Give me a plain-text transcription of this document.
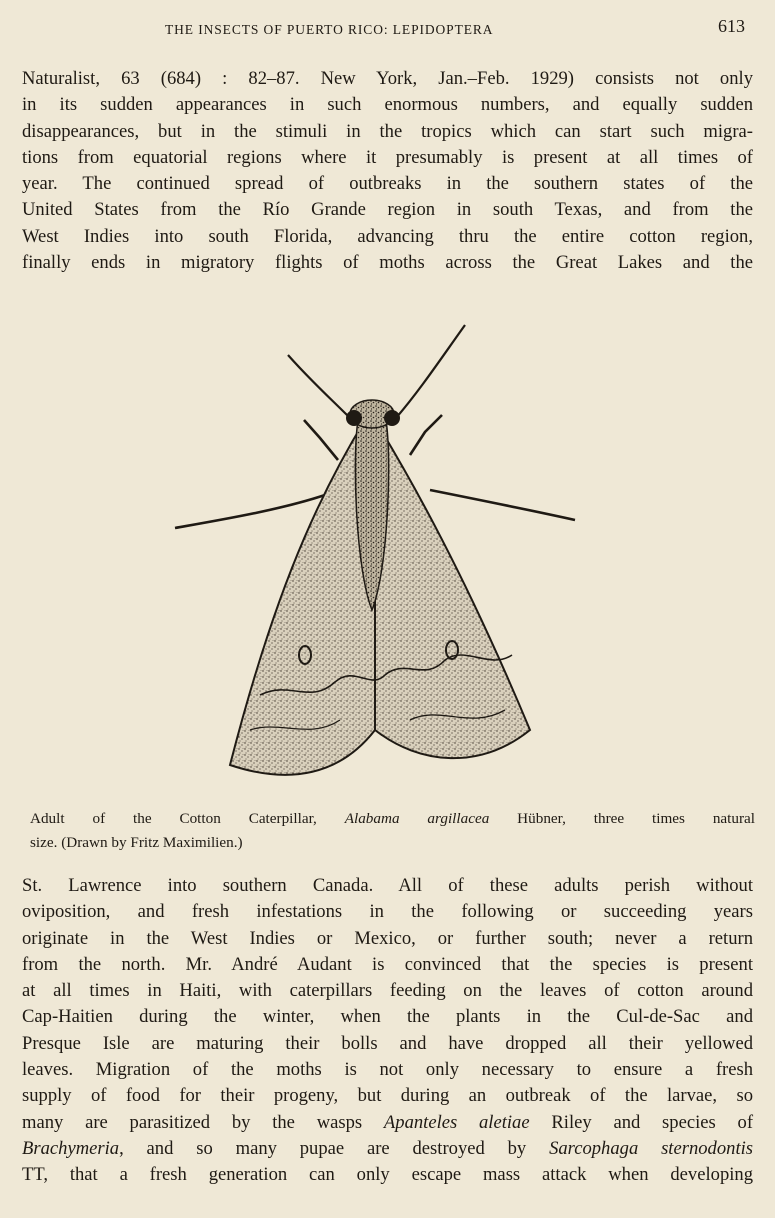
THE INSECTS OF PUERTO RICO: LEPIDOPTERA	613

Naturalist, 63 (684) : 82–87. New York, Jan.–Feb. 1929) consists not only
in its sudden appearances in such enormous numbers, and equally sudden
disappearances, but in the stimuli in the tropics which can start such migra-
tions from equatorial regions where it presumably is present at all times of
year. The continued spread of outbreaks in the southern states of the
United States from the Río Grande region in south Texas, and from the
West Indies into south Florida, advancing thru the entire cotton region,
finally ends in migratory flights of moths across the Great Lakes and the

Adult of the Cotton Caterpillar, Alabama argillacea Hübner, three times natural
size. (Drawn by Fritz Maximilien.)

St. Lawrence into southern Canada. All of these adults perish without
oviposition, and fresh infestations in the following or succeeding years
originate in the West Indies or Mexico, or further south; never a return
from the north. Mr. André Audant is convinced that the species is present
at all times in Haiti, with caterpillars feeding on the leaves of cotton around
Cap-Haitien during the winter, when the plants in the Cul-de-Sac and
Presque Isle are maturing their bolls and have dropped all their yellowed
leaves. Migration of the moths is not only necessary to ensure a fresh
supply of food for their progeny, but during an outbreak of the larvae, so
many are parasitized by the wasps Apanteles aletiae Riley and species of
Brachymeria, and so many pupae are destroyed by Sarcophaga sternodontis
TT, that a fresh generation can only escape mass attack when developing
